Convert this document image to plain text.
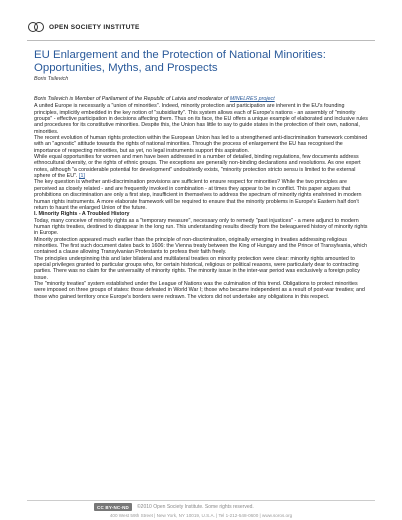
OPEN SOCIETY INSTITUTE
EU Enlargement and the Protection of National Minorities:
Opportunities, Myths, and Prospects
Boris Tsilevich

Boris Tsilevich is Member of Parliament of the Republic of Latvia and moderator of MINELRES project

A united Europe is necessarily a "union of minorities". Indeed, minority protection and participation are inherent in the EU's founding principles, implicitly embedded in the key notion of "subsidiarity". This system allows each of Europe's nations - an assembly of "minority groups" - effective participation in decisions affecting them. Thus on its face, the EU offers a unique example of elaborated and inclusive rules and procedures for its constitutive minorities. Despite this, the Union has little to say to guide states in the protection of their own, national, minorities.

The recent evolution of human rights protection within the European Union has led to a strengthened anti-discrimination framework combined with an "agnostic" attitude towards the rights of national minorities. Through the process of enlargement the EU has recognised the importance of respecting minorities, but as yet, no legal instruments support this aspiration.

While equal opportunities for women and men have been addressed in a number of detailed, binding regulations, few documents address ethnocultural diversity, or the rights of ethnic groups. The exceptions are generally non-binding declarations and resolutions. As one expert notes, although "a considerable potential for development" undoubtedly exists, "minority protection stricto sensu is limited to the external sphere of the EU". [1]

The key question is whether anti-discrimination provisions are sufficient to ensure respect for minorities? While the two principles are perceived as closely related - and are frequently invoked in combination - at times they appear to be in conflict. This paper argues that prohibitions on discrimination are only a first step, insufficient in themselves to address the spectrum of minority rights enshrined in modern human rights instruments. A more elaborate framework will be required to ensure that the minority problems in Europe's Eastern half don't return to haunt the enlarged Union of the future.

I. Minority Rights - A Troubled History

Today, many conceive of minority rights as a "temporary measure", necessary only to remedy "past injustices" - a mere adjunct to modern human rights treaties, destined to disappear in the long run. This understanding results directly from the beleaguered history of minority rights in Europe.

Minority protection appeared much earlier than the principle of non-discrimination, originally emerging in treaties addressing religious minorities. The first such document dates back to 1606: the Vienna treaty between the King of Hungary and the Prince of Transylvania, which contained a clause allowing Transylvanian Protestants to profess their faith freely.

The principles underpinning this and later bilateral and multilateral treaties on minority protection were clear: minority rights amounted to special privileges granted to particular groups who, for certain historical, religious or political reasons, were particularly dear to contracting parties. There was no claim for the universality of minority rights. The minority issue in the inter-war period was exclusively a foreign policy issue.

The "minority treaties" system established under the League of Nations was the culmination of this trend. Obligations to protect minorities were imposed on three groups of states: those defeated in World War I; those who became independent as a result of post-war treaties; and those who gained territory once Europe's borders were redrawn. The victors did not undertake any obligations in this respect.

CC BY-NC-ND ©2010 Open Society Institute. Some rights reserved.
400 West 59th Street | New York, NY 10019, U.S.A. | Tel 1-212-548-0600 | www.soros.org
